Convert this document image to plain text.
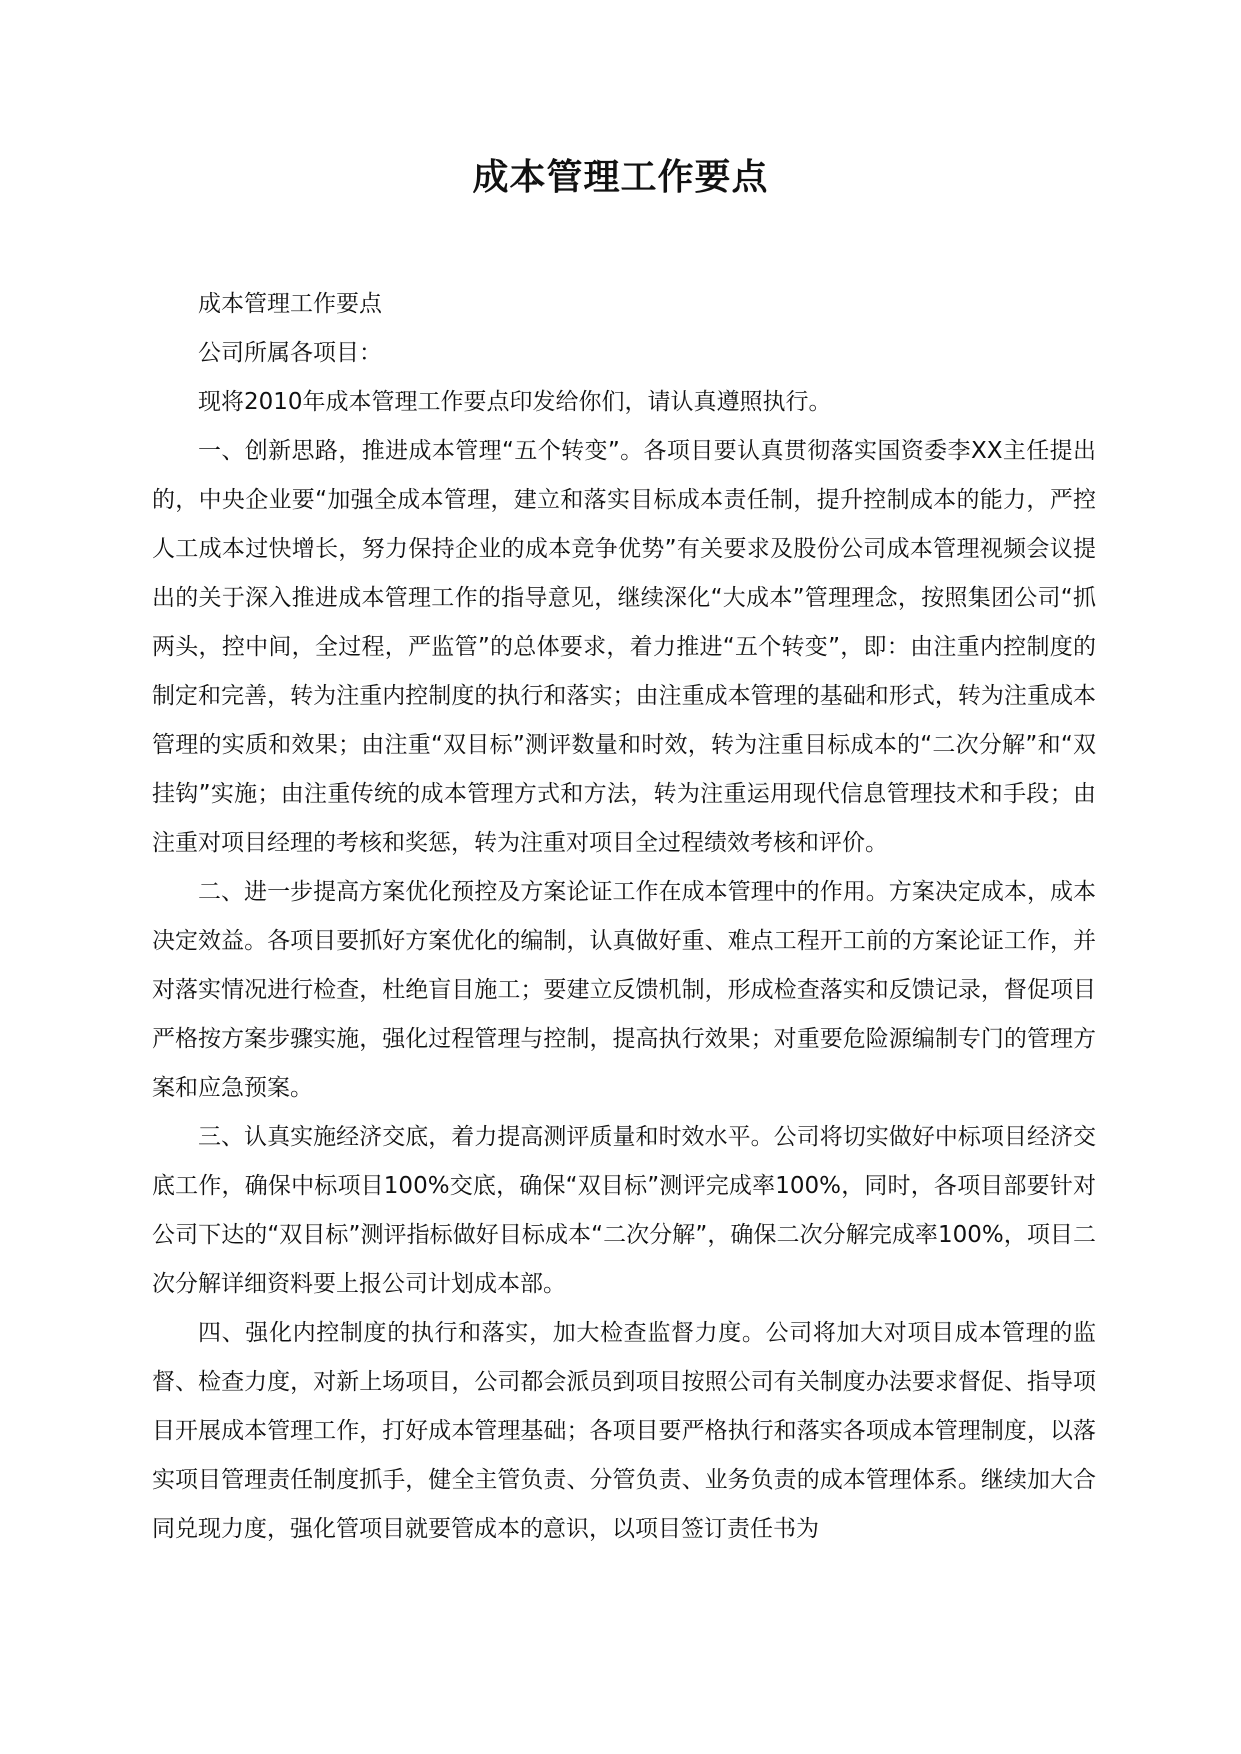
成本管理工作要点

成本管理工作要点

公司所属各项目：

现将2010年成本管理工作要点印发给你们，请认真遵照执行。

一、创新思路，推进成本管理“五个转变”。各项目要认真贯彻落实国资委李XX主任提出的，中央企业要“加强全成本管理，建立和落实目标成本责任制，提升控制成本的能力，严控人工成本过快增长，努力保持企业的成本竞争优势”有关要求及股份公司成本管理视频会议提出的关于深入推进成本管理工作的指导意见，继续深化“大成本”管理理念，按照集团公司“抓两头，控中间，全过程，严监管”的总体要求，着力推进“五个转变”，即：由注重内控制度的制定和完善，转为注重内控制度的执行和落实；由注重成本管理的基础和形式，转为注重成本管理的实质和效果；由注重“双目标”测评数量和时效，转为注重目标成本的“二次分解”和“双挂钩”实施；由注重传统的成本管理方式和方法，转为注重运用现代信息管理技术和手段；由注重对项目经理的考核和奖惩，转为注重对项目全过程绩效考核和评价。

二、进一步提高方案优化预控及方案论证工作在成本管理中的作用。方案决定成本，成本决定效益。各项目要抓好方案优化的编制，认真做好重、难点工程开工前的方案论证工作，并对落实情况进行检查，杜绝盲目施工；要建立反馈机制，形成检查落实和反馈记录，督促项目严格按方案步骤实施，强化过程管理与控制，提高执行效果；对重要危险源编制专门的管理方案和应急预案。

三、认真实施经济交底，着力提高测评质量和时效水平。公司将切实做好中标项目经济交底工作，确保中标项目100%交底，确保“双目标”测评完成率100%，同时，各项目部要针对公司下达的“双目标”测评指标做好目标成本“二次分解”，确保二次分解完成率100%，项目二次分解详细资料要上报公司计划成本部。

四、强化内控制度的执行和落实，加大检查监督力度。公司将加大对项目成本管理的监督、检查力度，对新上场项目，公司都会派员到项目按照公司有关制度办法要求督促、指导项目开展成本管理工作，打好成本管理基础；各项目要严格执行和落实各项成本管理制度，以落实项目管理责任制度抓手，健全主管负责、分管负责、业务负责的成本管理体系。继续加大合同兑现力度，强化管项目就要管成本的意识，以项目签订责任书为
